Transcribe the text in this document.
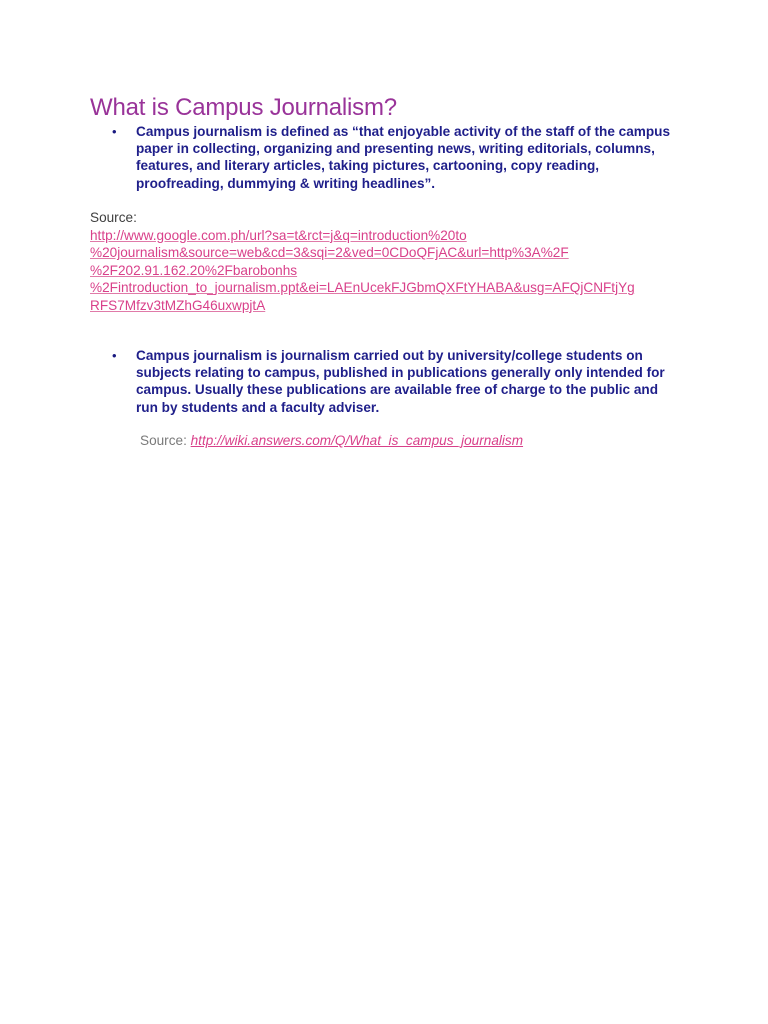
What is Campus Journalism?
•	Campus journalism is defined as “that enjoyable activity of the staff of the campus paper in collecting, organizing and presenting news, writing editorials, columns, features, and literary articles, taking pictures, cartooning, copy reading, proofreading, dummying & writing headlines”.

Source:
http://www.google.com.ph/url?sa=t&rct=j&q=introduction%20to
%20journalism&source=web&cd=3&sqi=2&ved=0CDoQFjAC&url=http%3A%2F
%2F202.91.162.20%2Fbarobonhs
%2Fintroduction_to_journalism.ppt&ei=LAEnUcekFJGbmQXFtYHABA&usg=AFQjCNFtjYg
RFS7Mfzv3tMZhG46uxwpjtA
•	Campus journalism is journalism carried out by university/college students on subjects relating to campus, published in publications generally only intended for campus. Usually these publications are available free of charge to the public and run by students and a faculty adviser.

Source: http://wiki.answers.com/Q/What_is_campus_journalism
